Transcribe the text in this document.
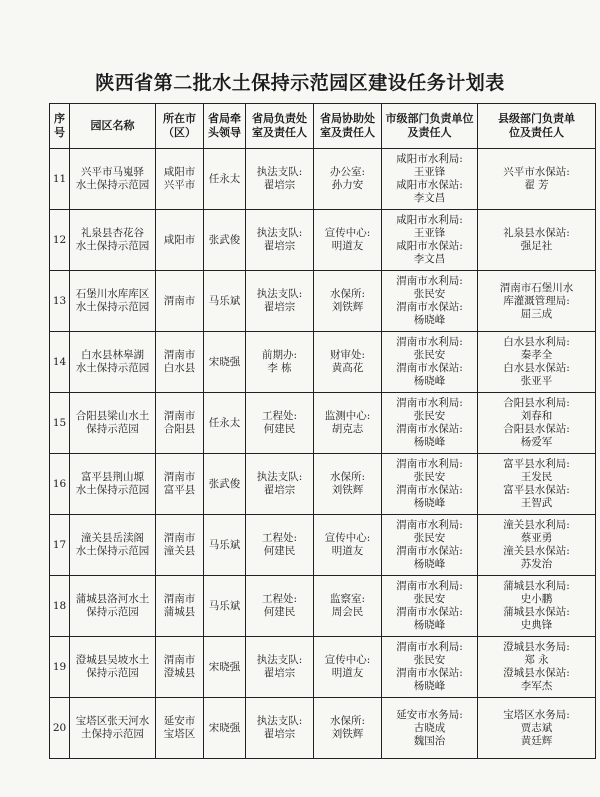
陕西省第二批水土保持示范园区建设任务计划表
序
号	园区名称	所在市
（区）	省局牵
头领导	省局负责处
室及责任人	省局协助处
室及责任人	市级部门负责单位
及责任人	县级部门负责单
位及责任人

11	兴平市马嵬驿
水土保持示范园	咸阳市
兴平市	任永太	执法支队:
翟培宗	办公室:
孙力安	咸阳市水利局:
王亚锋
咸阳市水保站:
李文昌	兴平市水保站:
翟 芳

12	礼泉县杏花谷
水土保持示范园	咸阳市	张武俊	执法支队:
翟培宗	宣传中心:
明道友	咸阳市水利局:
王亚锋
咸阳市水保站:
李文昌	礼泉县水保站:
强足社

13	石堡川水库库区
水土保持示范园	渭南市	马乐斌	执法支队:
翟培宗	水保所:
刘铁辉	渭南市水利局:
张民安
渭南市水保站:
杨晓峰	渭南市石堡川水
库灌溉管理局:
屈三成

14	白水县林皋湖
水土保持示范园	渭南市
白水县	宋晓强	前期办:
李 栋	财审处:
黄高花	渭南市水利局:
张民安
渭南市水保站:
杨晓峰	白水县水利局:
秦孝全
白水县水保站:
张亚平

15	合阳县梁山水土
保持示范园	渭南市
合阳县	任永太	工程处:
何建民	监测中心:
胡克志	渭南市水利局:
张民安
渭南市水保站:
杨晓峰	合阳县水利局:
刘春和
合阳县水保站:
杨爱军

16	富平县荆山塬
水土保持示范园	渭南市
富平县	张武俊	执法支队:
翟培宗	水保所:
刘铁辉	渭南市水利局:
张民安
渭南市水保站:
杨晓峰	富平县水利局:
王发民
富平县水保站:
王智武

17	潼关县岳渎阁
水土保持示范园	渭南市
潼关县	马乐斌	工程处:
何建民	宣传中心:
明道友	渭南市水利局:
张民安
渭南市水保站:
杨晓峰	潼关县水利局:
蔡亚勇
潼关县水保站:
苏发治

18	蒲城县洛河水土
保持示范园	渭南市
蒲城县	马乐斌	工程处:
何建民	监察室:
周会民	渭南市水利局:
张民安
渭南市水保站:
杨晓峰	蒲城县水利局:
史小鹏
蒲城县水保站:
史典锋

19	澄城县吴坡水土
保持示范园	渭南市
澄城县	宋晓强	执法支队:
翟培宗	宣传中心:
明道友	渭南市水利局:
张民安
渭南市水保站:
杨晓峰	澄城县水务局:
郑 永
澄城县水保站:
李军杰

20	宝塔区张天河水
土保持示范园	延安市
宝塔区	宋晓强	执法支队:
翟培宗	水保所:
刘铁辉	延安市水务局:
古晓成
魏国治	宝塔区水务局:
贾志斌
黄廷辉
